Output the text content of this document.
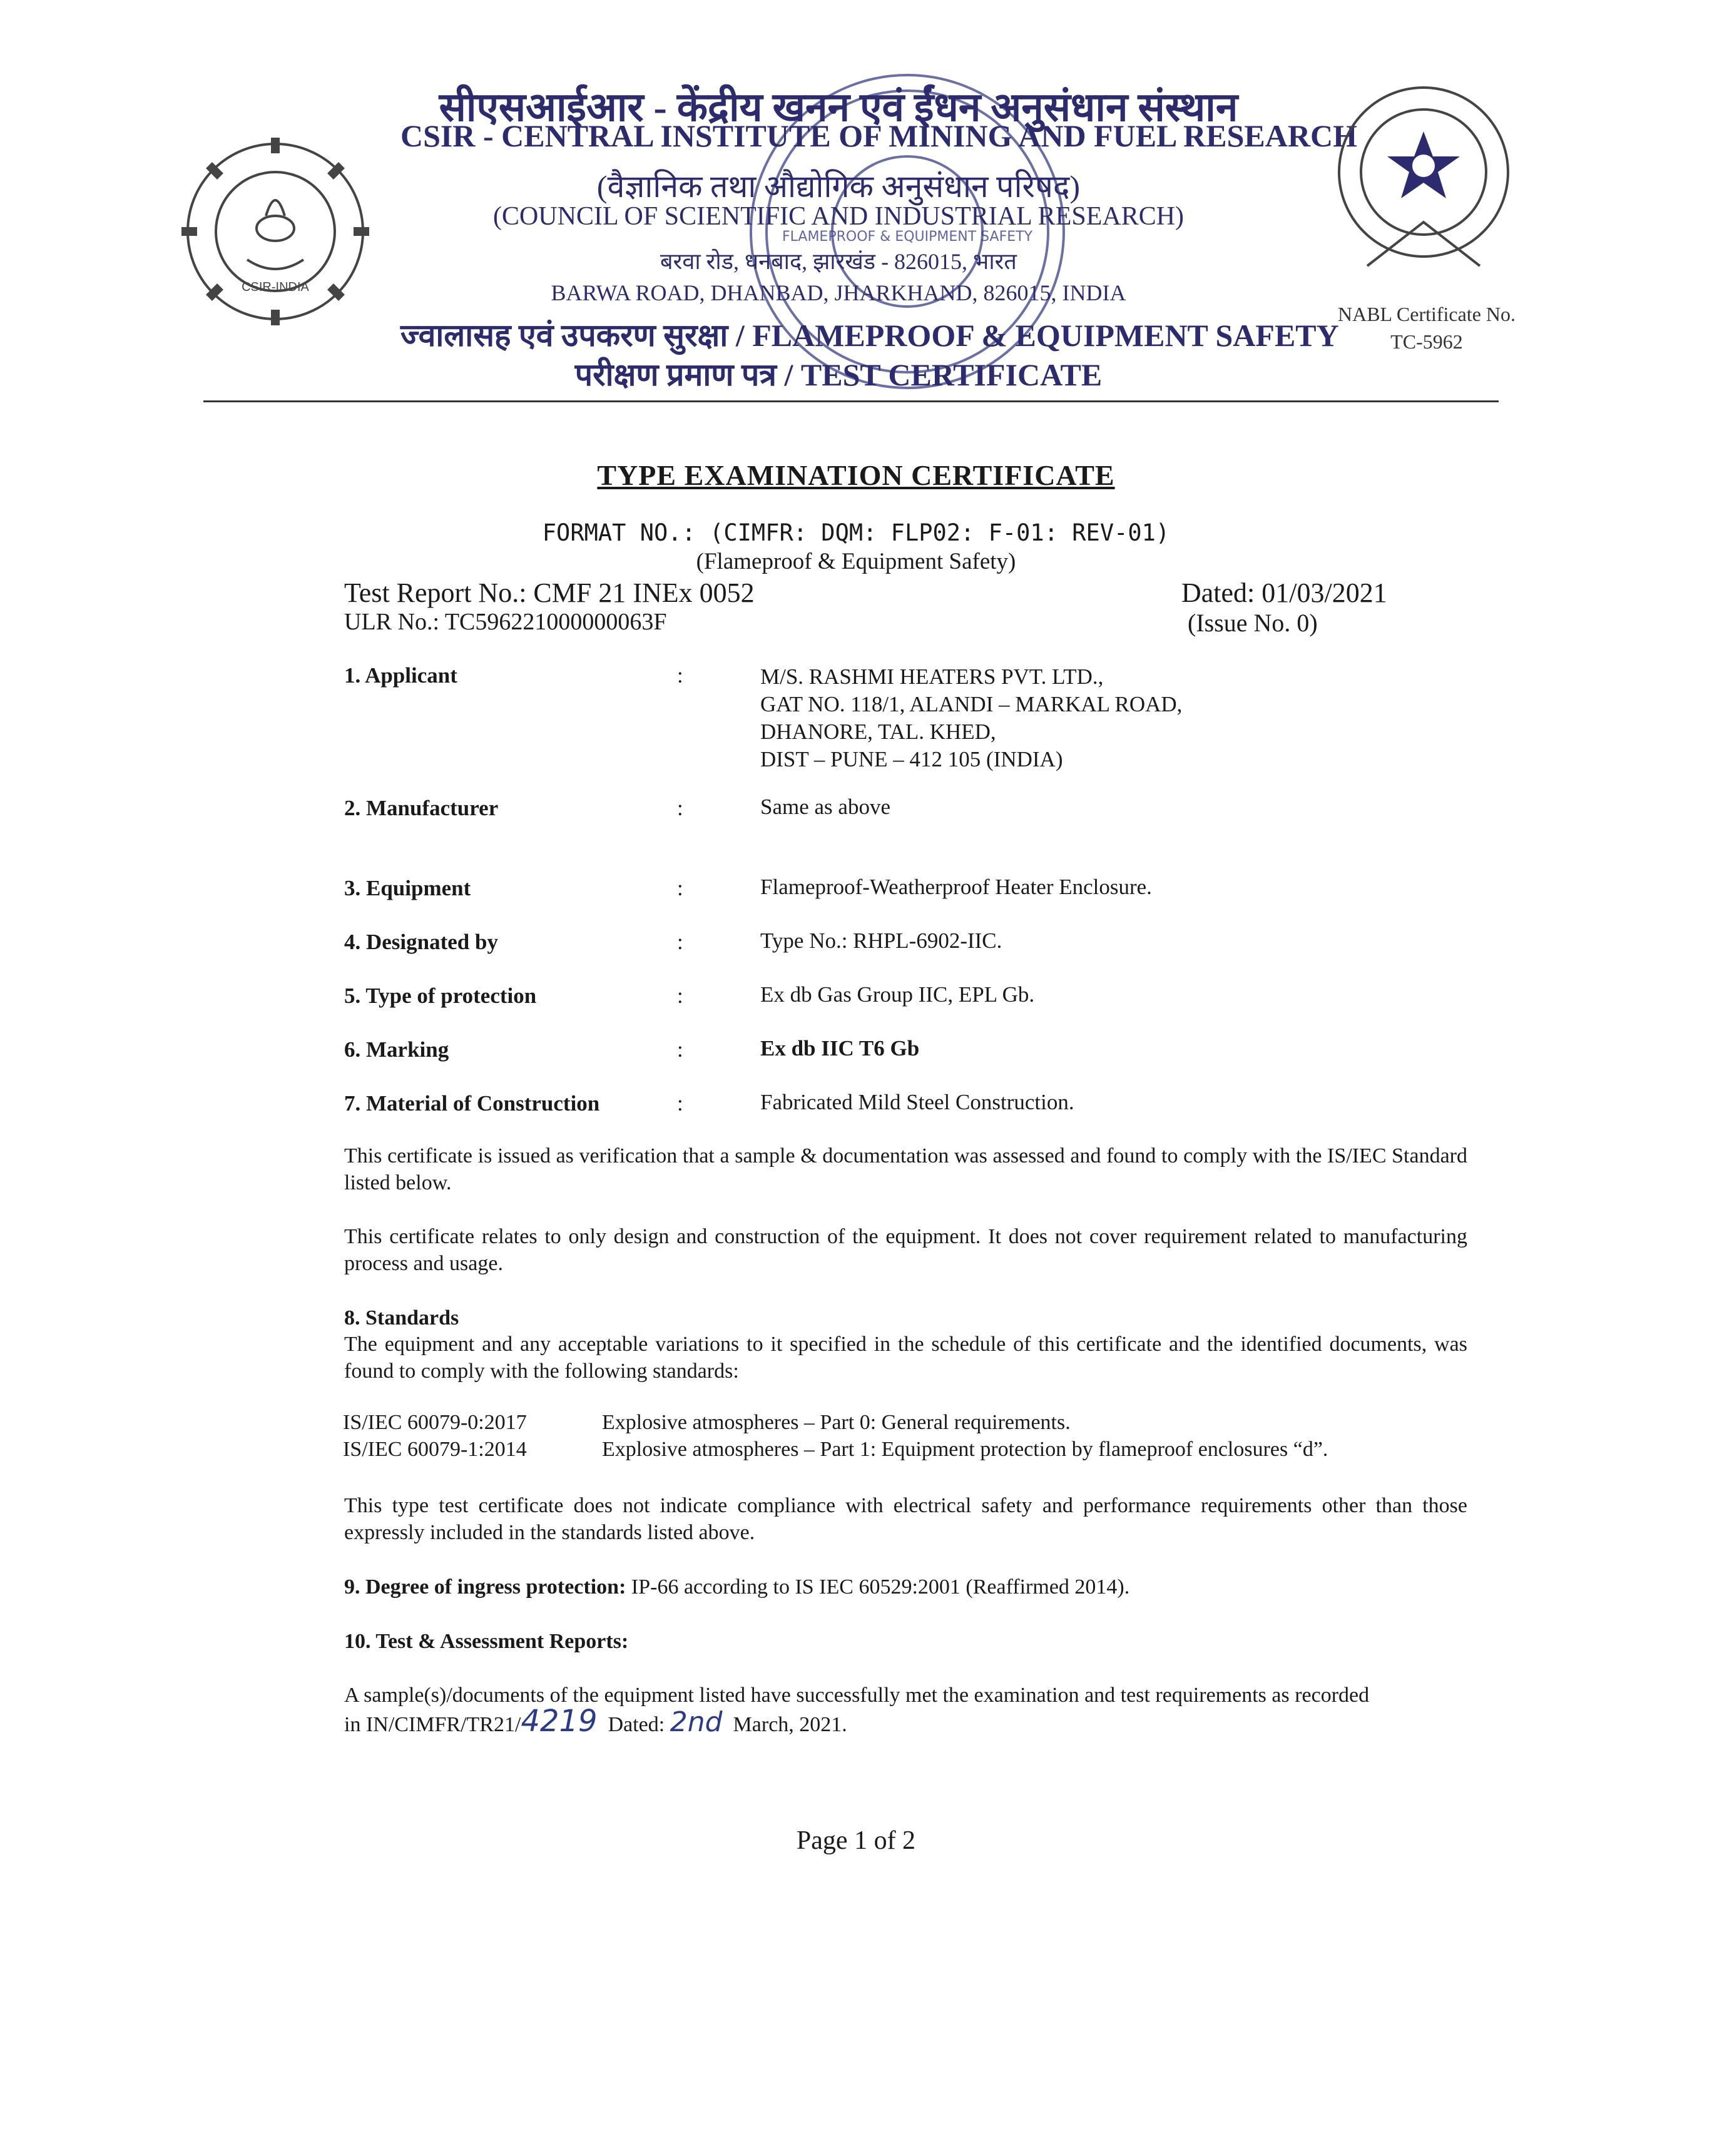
CSIR-INDIA
FLAMEPROOF & EQUIPMENT SAFETY
सीएसआईआर - केंद्रीय खनन एवं ईंधन अनुसंधान संस्थान
CSIR - CENTRAL INSTITUTE OF MINING AND FUEL RESEARCH
(वैज्ञानिक तथा औद्योगिक अनुसंधान परिषद)
(COUNCIL OF SCIENTIFIC AND INDUSTRIAL RESEARCH)
बरवा रोड, धनबाद, झारखंड - 826015, भारत
BARWA ROAD, DHANBAD, JHARKHAND, 826015, INDIA
ज्वालासह एवं उपकरण सुरक्षा / FLAMEPROOF & EQUIPMENT SAFETY
परीक्षण प्रमाण पत्र / TEST CERTIFICATE
NABL Certificate No.
TC-5962
TYPE EXAMINATION CERTIFICATE
FORMAT NO.: (CIMFR: DQM: FLP02: F-01: REV-01)
(Flameproof & Equipment Safety)
Test Report No.: CMF 21 INEx 0052
ULR No.: TC596221000000063F
Dated: 01/03/2021
(Issue No. 0)
1. Applicant	:	M/S. RASHMI HEATERS PVT. LTD.,
GAT NO. 118/1, ALANDI – MARKAL ROAD,
DHANORE, TAL. KHED,
DIST – PUNE – 412 105 (INDIA)
2. Manufacturer	:	Same as above
3. Equipment	:	Flameproof-Weatherproof Heater Enclosure.
4. Designated by	:	Type No.: RHPL-6902-IIC.
5. Type of protection	:	Ex db Gas Group IIC, EPL Gb.
6. Marking	:	Ex db IIC T6 Gb
7. Material of Construction	:	Fabricated Mild Steel Construction.
This certificate is issued as verification that a sample & documentation was assessed and found to comply with the IS/IEC Standard listed below.
This certificate relates to only design and construction of the equipment. It does not cover requirement related to manufacturing process and usage.
8. Standards
The equipment and any acceptable variations to it specified in the schedule of this certificate and the identified documents, was found to comply with the following standards:
IS/IEC 60079-0:2017	Explosive atmospheres – Part 0: General requirements.
IS/IEC 60079-1:2014	Explosive atmospheres – Part 1: Equipment protection by flameproof enclosures “d”.
This type test certificate does not indicate compliance with electrical safety and performance requirements other than those expressly included in the standards listed above.
9. Degree of ingress protection: IP-66 according to IS IEC 60529:2001 (Reaffirmed 2014).
10. Test & Assessment Reports:
A sample(s)/documents of the equipment listed have successfully met the examination and test requirements as recorded
in IN/CIMFR/TR21/4219 Dated: 2nd March, 2021.
Page 1 of 2
